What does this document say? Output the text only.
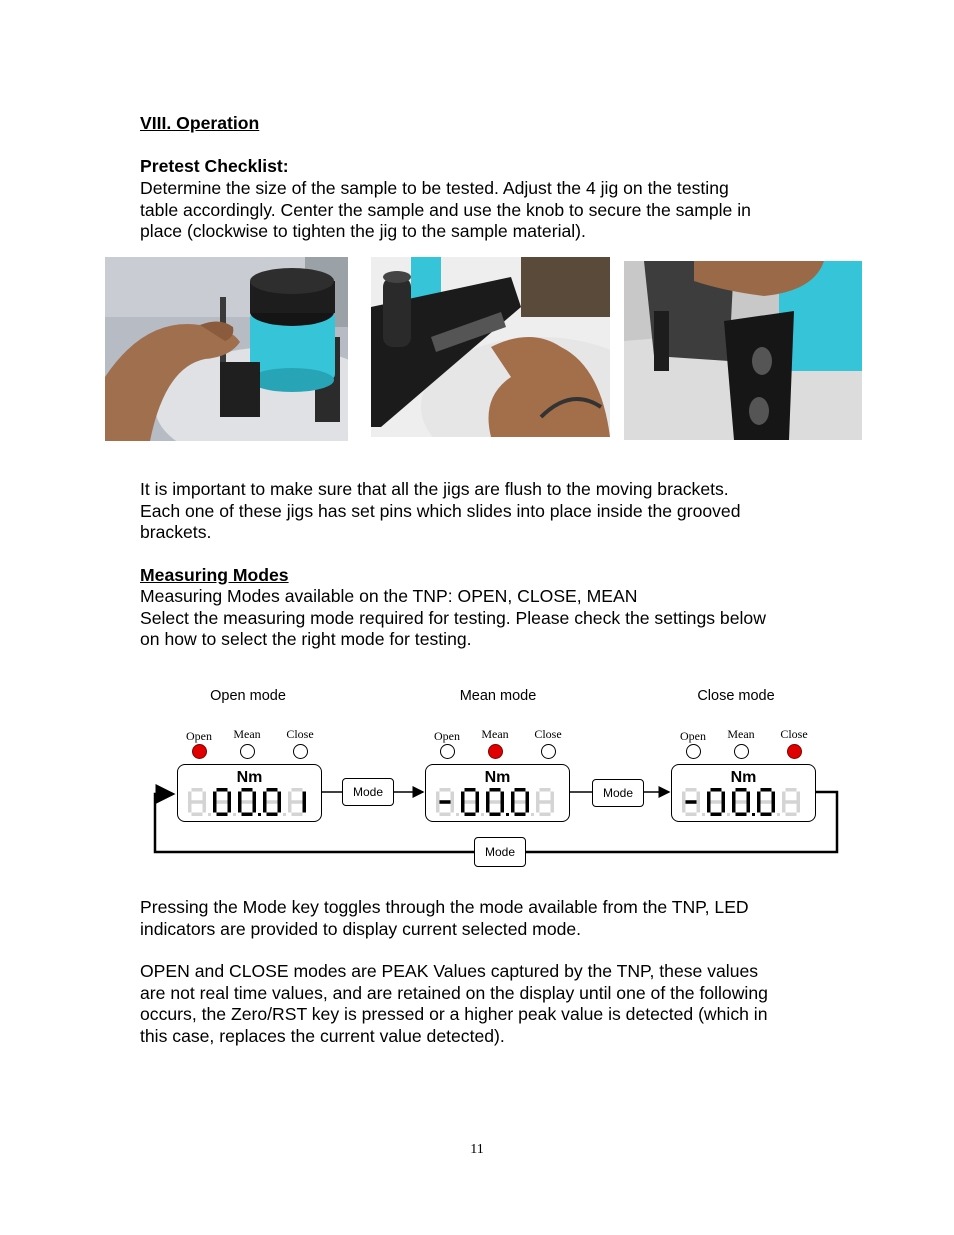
VIII. Operation
Pretest Checklist:
Determine the size of the sample to be tested. Adjust the 4 jig on the testing
table accordingly. Center the sample and use the knob to secure the sample in
place (clockwise to tighten the jig to the sample material).
It is important to make sure that all the jigs are flush to the moving brackets.
Each one of these jigs has set pins which slides into place inside the grooved
brackets.
Measuring Modes
Measuring Modes available on the TNP: OPEN, CLOSE, MEAN
Select the measuring mode required for testing. Please check the settings below
on how to select the right mode for testing.
Open mode
Open	Mean	Close
Nm
Mean mode
Open	Mean	Close
Nm
Close mode
Open	Mean	Close
Nm
Mode	Mode
Mode
Pressing the Mode key toggles through the mode available from the TNP, LED
indicators are provided to display current selected mode.
OPEN and CLOSE modes are PEAK Values captured by the TNP, these values
are not real time values, and are retained on the display until one of the following
occurs, the Zero/RST key is pressed or a higher peak value is detected (which in
this case, replaces the current value detected).
11
